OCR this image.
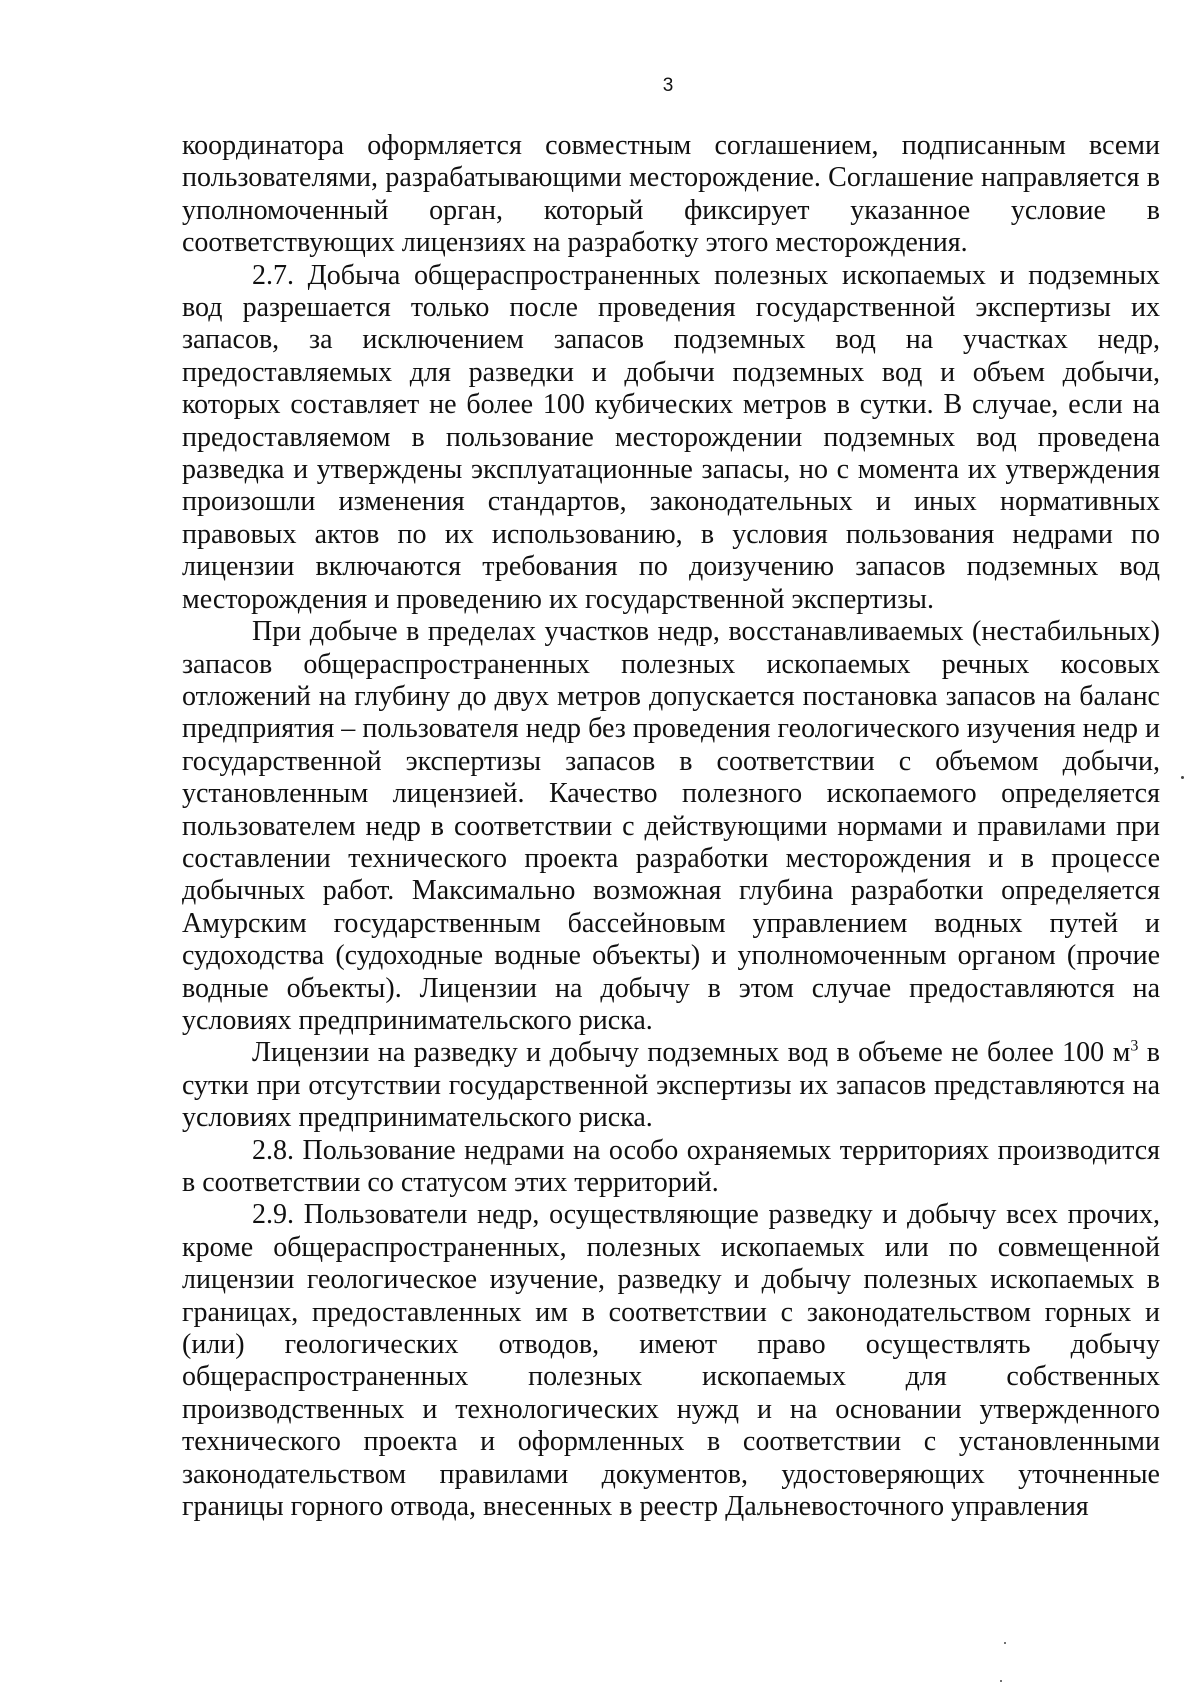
3

координатора оформляется совместным соглашением, подписанным всеми пользователями, разрабатывающими месторождение. Соглашение направляется в уполномоченный орган, который фиксирует указанное условие в соответствующих лицензиях на разработку этого месторождения.

2.7. Добыча общераспространенных полезных ископаемых и подземных вод разрешается только после проведения государственной экспертизы их запасов, за исключением запасов подземных вод на участках недр, предоставляемых для разведки и добычи подземных вод и объем добычи, которых составляет не более 100 кубических метров в сутки. В случае, если на предоставляемом в пользование месторождении подземных вод проведена разведка и утверждены эксплуатационные запасы, но с момента их утверждения произошли изменения стандартов, законодательных и иных нормативных правовых актов по их использованию, в условия пользования недрами по лицензии включаются требования по доизучению запасов подземных вод месторождения и проведению их государственной экспертизы.

При добыче в пределах участков недр, восстанавливаемых (нестабильных) запасов общераспространенных полезных ископаемых речных косовых отложений на глубину до двух метров допускается постановка запасов на баланс предприятия – пользователя недр без проведения геологического изучения недр и государственной экспертизы запасов в соответствии с объемом добычи, установленным лицензией. Качество полезного ископаемого определяется пользователем недр в соответствии с действующими нормами и правилами при составлении технического проекта разработки месторождения и в процессе добычных работ. Максимально возможная глубина разработки определяется Амурским государственным бассейновым управлением водных путей и судоходства (судоходные водные объекты) и уполномоченным органом (прочие водные объекты). Лицензии на добычу в этом случае предоставляются на условиях предпринимательского риска.

Лицензии на разведку и добычу подземных вод в объеме не более 100 $м^3$ в сутки при отсутствии государственной экспертизы их запасов представляются на условиях предпринимательского риска.

2.8. Пользование недрами на особо охраняемых территориях производится в соответствии со статусом этих территорий.

2.9. Пользователи недр, осуществляющие разведку и добычу всех прочих, кроме общераспространенных, полезных ископаемых или по совмещенной лицензии геологическое изучение, разведку и добычу полезных ископаемых в границах, предоставленных им в соответствии с законодательством горных и (или) геологических отводов, имеют право осуществлять добычу общераспространенных полезных ископаемых для собственных производственных и технологических нужд и на основании утвержденного технического проекта и оформленных в соответствии с установленными законодательством правилами документов, удостоверяющих уточненные границы горного отвода, внесенных в реестр Дальневосточного управления
